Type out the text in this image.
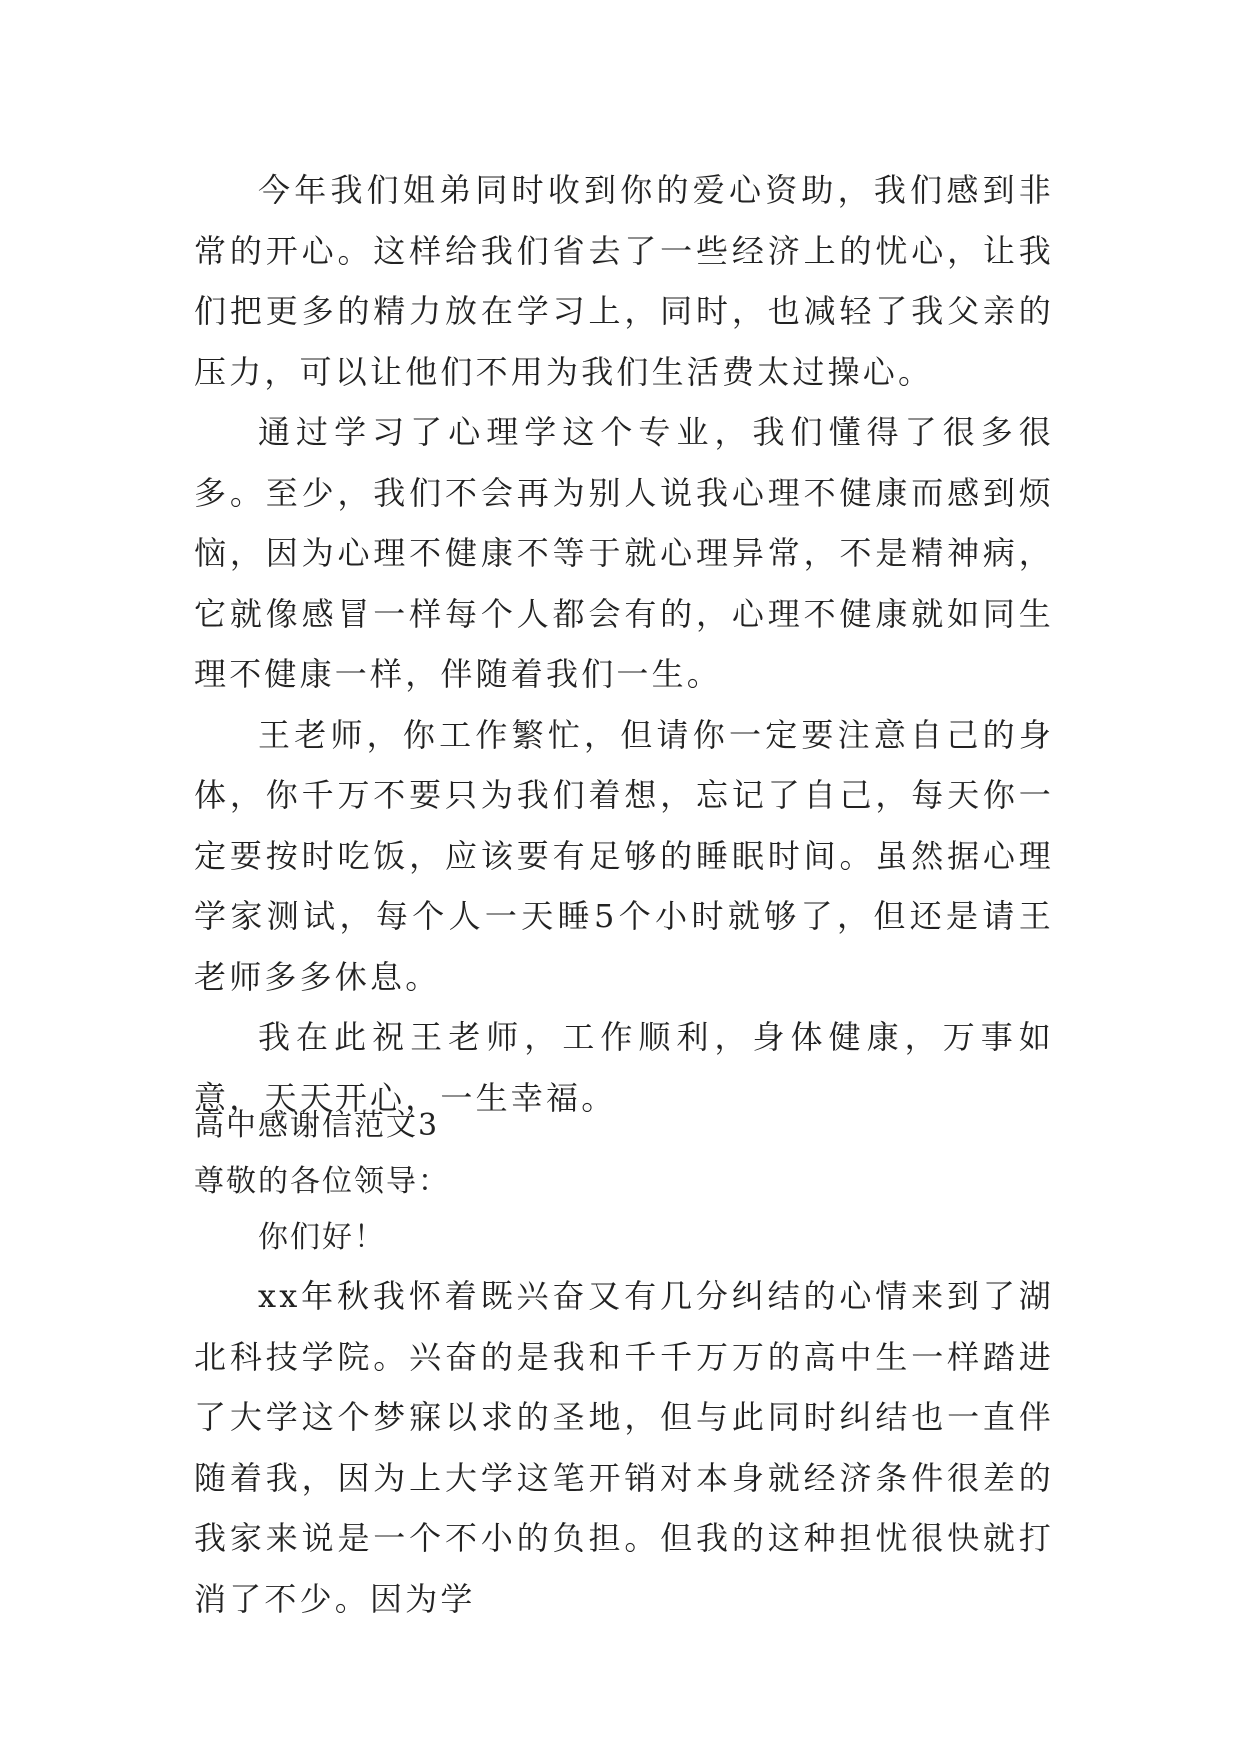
今年我们姐弟同时收到你的爱心资助，我们感到非常的开心。这样给我们省去了一些经济上的忧心，让我们把更多的精力放在学习上，同时，也减轻了我父亲的压力，可以让他们不用为我们生活费太过操心。

通过学习了心理学这个专业，我们懂得了很多很多。至少，我们不会再为别人说我心理不健康而感到烦恼，因为心理不健康不等于就心理异常，不是精神病，它就像感冒一样每个人都会有的，心理不健康就如同生理不健康一样，伴随着我们一生。

王老师，你工作繁忙，但请你一定要注意自己的身体，你千万不要只为我们着想，忘记了自己，每天你一定要按时吃饭，应该要有足够的睡眠时间。虽然据心理学家测试，每个人一天睡5个小时就够了，但还是请王老师多多休息。

我在此祝王老师，工作顺利，身体健康，万事如意，天天开心，一生幸福。

高中感谢信范文3

尊敬的各位领导：

你们好！

xx年秋我怀着既兴奋又有几分纠结的心情来到了湖北科技学院。兴奋的是我和千千万万的高中生一样踏进了大学这个梦寐以求的圣地，但与此同时纠结也一直伴随着我，因为上大学这笔开销对本身就经济条件很差的我家来说是一个不小的负担。但我的这种担忧很快就打消了不少。因为学
